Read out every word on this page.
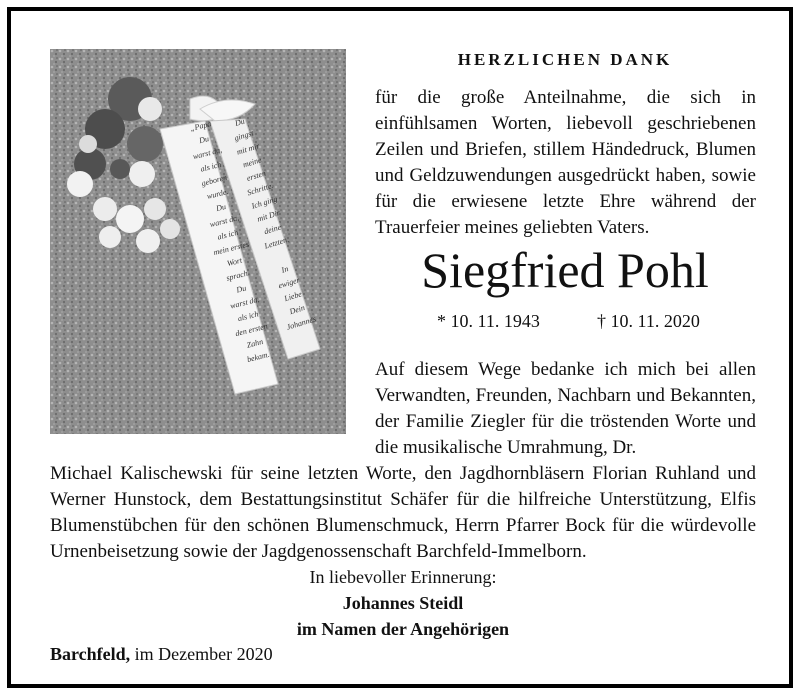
„Papa
Du
warst da,
als ich
geboren
wurde.
Du
warst da,
als ich
mein erstes
Wort
sprach.
Du
warst da,
als ich
den ersten
Zahn
bekam.
Du
gingst
mit mir
meine
ersten
Schritte.
Ich ging
mit Dir
deine
Letzten.

In
ewiger
Liebe
Dein
Johannes
HERZLICHEN DANK
für die große Anteilnahme, die sich in einfühlsamen Worten, liebevoll geschriebenen Zeilen und Briefen, stillem Händedruck, Blumen und Geldzuwendungen ausgedrückt haben, sowie für die erwiesene letzte Ehre während der Trauerfeier meines geliebten Vaters.
Siegfried Pohl
* 10. 11. 1943	† 10. 11. 2020
Auf diesem Wege bedanke ich mich bei allen Verwandten, Freunden, Nachbarn und Bekannten, der Familie Ziegler für die tröstenden Worte und die musikalische Umrahmung, Dr.
Michael Kalischewski für seine letzten Worte, den Jagdhornbläsern Florian Ruhland und Werner Hunstock, dem Bestattungsinstitut Schäfer für die hilfreiche Unterstützung, Elfis Blumenstübchen für den schönen Blumenschmuck, Herrn Pfarrer Bock für die würdevolle Urnenbeisetzung sowie der Jagdgenossenschaft Barchfeld-Immelborn.
In liebevoller Erinnerung:
Johannes Steidl
im Namen der Angehörigen
Barchfeld, im Dezember 2020
